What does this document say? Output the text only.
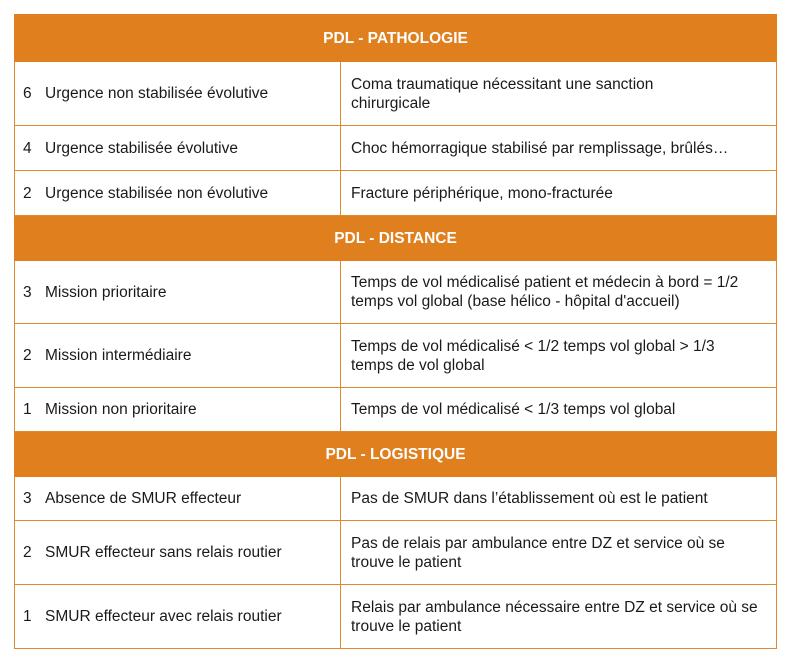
PDL - PATHOLOGIE	
6 Urgence non stabilisée évolutive	Coma traumatique nécessitant une sanction chirurgicale
4 Urgence stabilisée évolutive	Choc hémorragique stabilisé par remplissage, brûlés…
2 Urgence stabilisée non évolutive	Fracture périphérique, mono-fracturée
PDL - DISTANCE	
3 Mission prioritaire	Temps de vol médicalisé patient et médecin à bord = 1/2 temps vol global (base hélico - hôpital d'accueil)
2 Mission intermédiaire	Temps de vol médicalisé < 1/2 temps vol global > 1/3 temps de vol global
1 Mission non prioritaire	Temps de vol médicalisé < 1/3 temps vol global
PDL - LOGISTIQUE	
3 Absence de SMUR effecteur	Pas de SMUR dans l’établissement où est le patient
2 SMUR effecteur sans relais routier	Pas de relais par ambulance entre DZ et service où se trouve le patient
1 SMUR effecteur avec relais routier	Relais par ambulance nécessaire entre DZ et service où se trouve le patient
